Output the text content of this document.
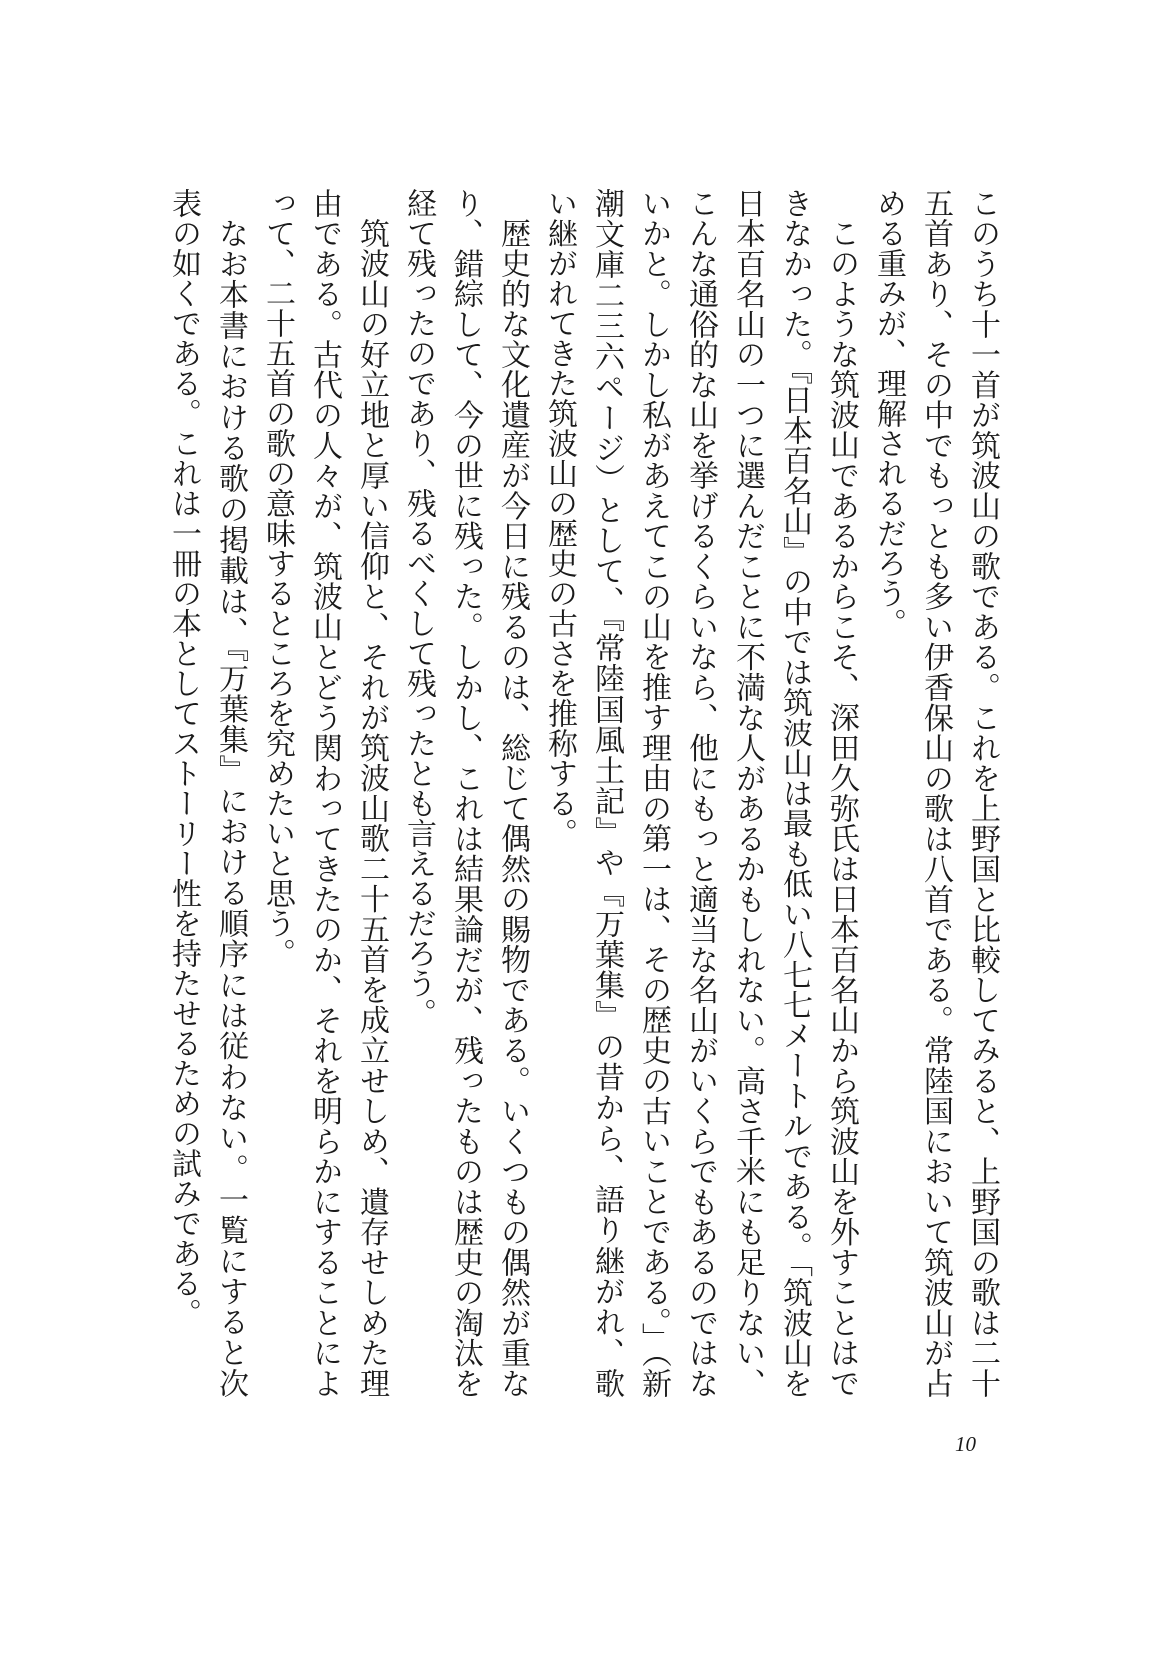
このうち十一首が筑波山の歌である。これを上野国と比較してみると、上野国の歌は二十五首あり、その中でもっとも多い伊香保山の歌は八首である。常陸国において筑波山が占める重みが、理解されるだろう。

このような筑波山であるからこそ、深田久弥氏は日本百名山から筑波山を外すことはできなかった。『日本百名山』の中では筑波山は最も低い八七七メートルである。「筑波山を日本百名山の一つに選んだことに不満な人があるかもしれない。高さ千米にも足りない、こんな通俗的な山を挙げるくらいなら、他にもっと適当な名山がいくらでもあるのではないかと。しかし私があえてこの山を推す理由の第一は、その歴史の古いことである。」（新潮文庫二三六ページ）として、『常陸国風土記』や『万葉集』の昔から、語り継がれ、歌い継がれてきた筑波山の歴史の古さを推称する。

歴史的な文化遺産が今日に残るのは、総じて偶然の賜物である。いくつもの偶然が重なり、錯綜して、今の世に残った。しかし、これは結果論だが、残ったものは歴史の淘汰を経て残ったのであり、残るべくして残ったとも言えるだろう。

筑波山の好立地と厚い信仰と、それが筑波山歌二十五首を成立せしめ、遺存せしめた理由である。古代の人々が、筑波山とどう関わってきたのか、それを明らかにすることによって、二十五首の歌の意味するところを究めたいと思う。

なお本書における歌の掲載は、『万葉集』における順序には従わない。一覧にすると次表の如くである。これは一冊の本としてストーリー性を持たせるための試みである。

10
